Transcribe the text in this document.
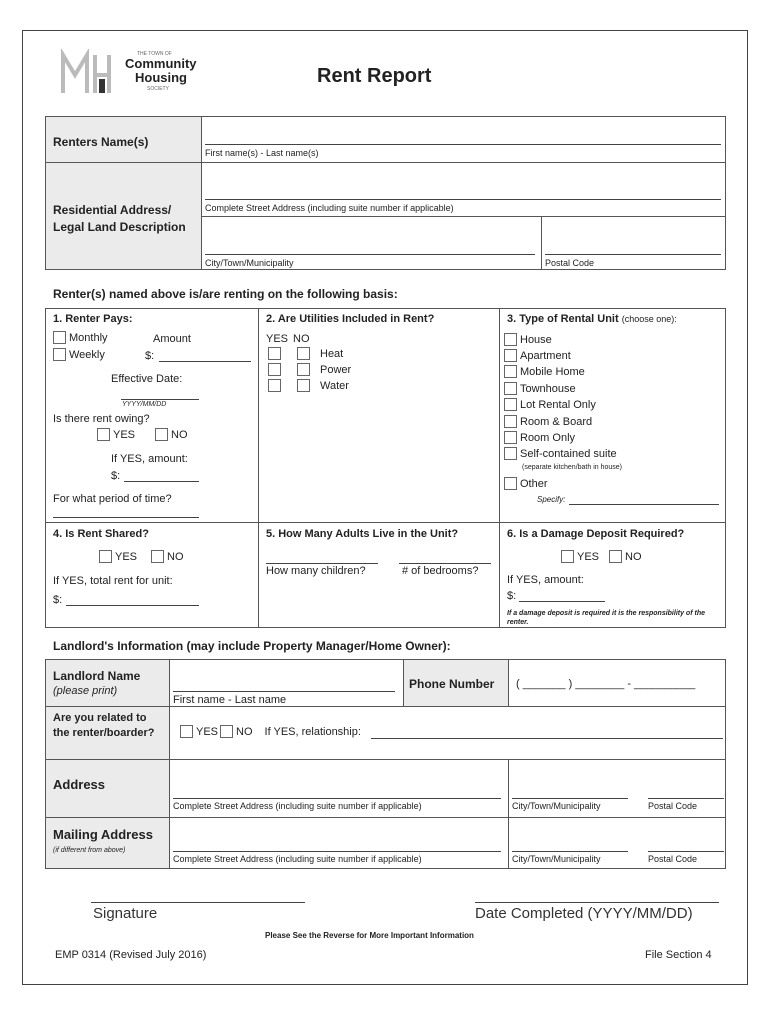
THE TOWN OF
Community
Housing
SOCIETY
Rent Report
Renters Name(s)
First name(s) - Last name(s)
Residential Address/ Legal Land Description
Complete Street Address (including suite number if applicable)
City/Town/Municipality	Postal Code
Renter(s) named above is/are renting on the following basis:
1. Renter Pays:
Monthly	Amount
Weekly	$:
Effective Date:
YYYY/MM/DD
Is there rent owing?
YES	NO
If YES, amount:
$:
For what period of time?
2. Are Utilities Included in Rent?
YES NO
Heat
Power
Water
3. Type of Rental Unit (choose one):
House
Apartment
Mobile Home
Townhouse
Lot Rental Only
Room & Board
Room Only
Self-contained suite
(separate kitchen/bath in house)
Other
Specify:
4. Is Rent Shared?
YES	NO
If YES, total rent for unit:
$:
5. How Many Adults Live in the Unit?
How many children?	# of bedrooms?
6. Is a Damage Deposit Required?
YES NO
If YES, amount:
$:
If a damage deposit is required it is the responsibility of the renter.
Landlord's Information (may include Property Manager/Home Owner):
Landlord Name
(please print)
First name - Last name
Phone Number ( _______ ) ________ - __________
Are you related to the renter/boarder?	YES NO If YES, relationship:
Address
Complete Street Address (including suite number if applicable)	City/Town/Municipality	Postal Code
Mailing Address
(if different from above)
Complete Street Address (including suite number if applicable)	City/Town/Municipality	Postal Code
Signature	Date Completed (YYYY/MM/DD)
Please See the Reverse for More Important Information
EMP 0314 (Revised July 2016)	File Section 4
